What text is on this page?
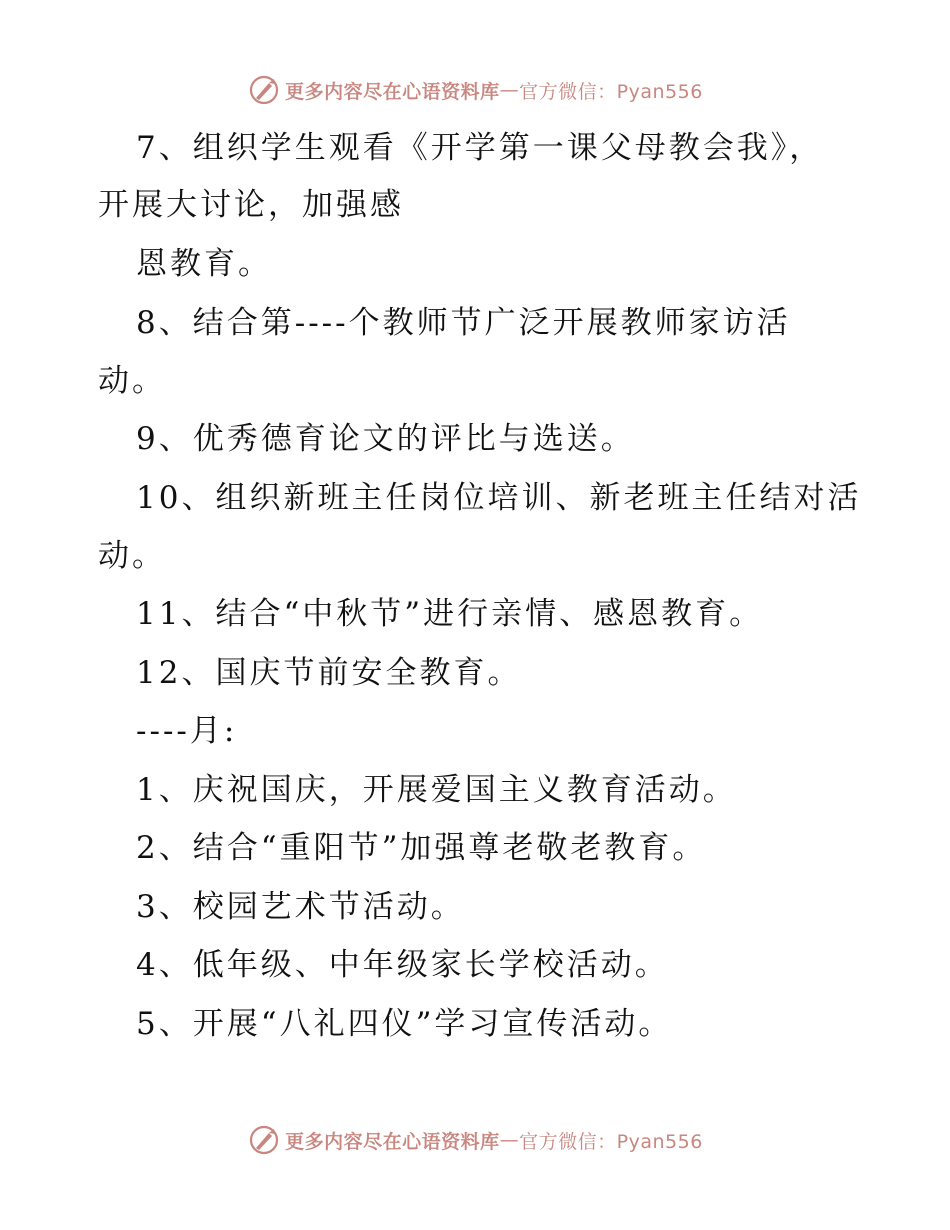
更多内容尽在心语资料库 — 官方微信：Pyan556
7、组织学生观看《开学第一课父母教会我》，
开展大讨论，加强感
恩教育。
8、结合第----个教师节广泛开展教师家访活
动。
9、优秀德育论文的评比与选送。
10、组织新班主任岗位培训、新老班主任结对活
动。
11、结合“中秋节”进行亲情、感恩教育。
12、国庆节前安全教育。
----月:
1、庆祝国庆，开展爱国主义教育活动。
2、结合“重阳节”加强尊老敬老教育。
3、校园艺术节活动。
4、低年级、中年级家长学校活动。
5、开展“八礼四仪”学习宣传活动。
更多内容尽在心语资料库 — 官方微信：Pyan556
